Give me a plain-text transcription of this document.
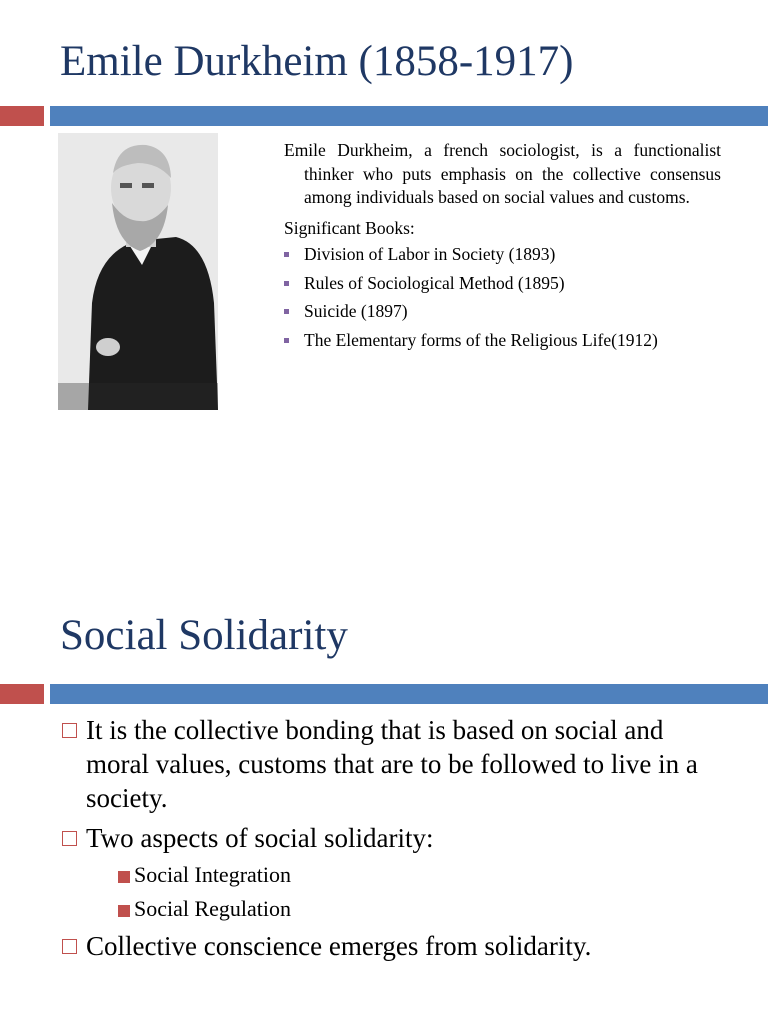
Emile Durkheim (1858-1917)

Emile Durkheim, a french sociologist, is a functionalist thinker who puts emphasis on the collective consensus among individuals based on social values and customs.

Significant Books:

Division of Labor in Society (1893)
Rules of Sociological Method (1895)
Suicide (1897)
The Elementary forms of the Religious Life(1912)
Social Solidarity
It is the collective bonding that is based on social and moral values, customs that are to be followed to live in a society.
Two aspects of social solidarity:
Social Integration
Social Regulation
Collective conscience emerges from solidarity.
